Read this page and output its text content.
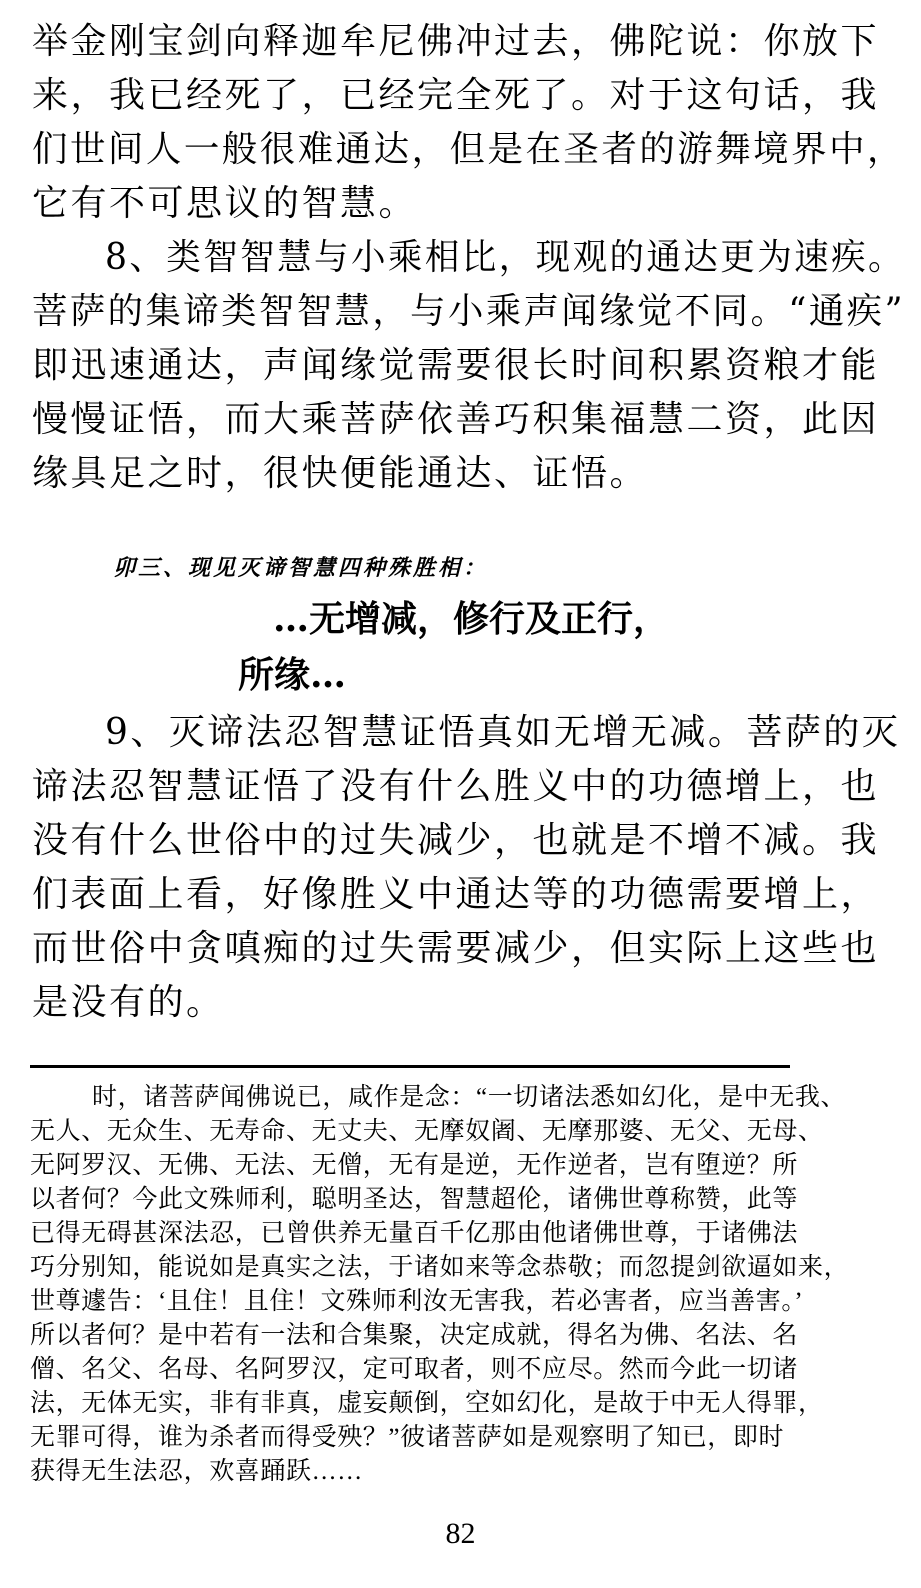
举金刚宝剑向释迦牟尼佛冲过去，佛陀说：你放下
来，我已经死了，已经完全死了。对于这句话，我
们世间人一般很难通达，但是在圣者的游舞境界中，
它有不可思议的智慧。
8、类智智慧与小乘相比，现观的通达更为速疾。
菩萨的集谛类智智慧，与小乘声闻缘觉不同。“通疾”
即迅速通达，声闻缘觉需要很长时间积累资粮才能
慢慢证悟，而大乘菩萨依善巧积集福慧二资，此因
缘具足之时，很快便能通达、证悟。
卯三、现见灭谛智慧四种殊胜相：
…无增减，修行及正行，
所缘…
9、灭谛法忍智慧证悟真如无增无减。菩萨的灭
谛法忍智慧证悟了没有什么胜义中的功德增上，也
没有什么世俗中的过失减少，也就是不增不减。我
们表面上看，好像胜义中通达等的功德需要增上，
而世俗中贪嗔痴的过失需要减少，但实际上这些也
是没有的。
时，诸菩萨闻佛说已，咸作是念：“一切诸法悉如幻化，是中无我、
无人、无众生、无寿命、无丈夫、无摩奴阇、无摩那婆、无父、无母、
无阿罗汉、无佛、无法、无僧，无有是逆，无作逆者，岂有堕逆？所
以者何？今此文殊师利，聪明圣达，智慧超伦，诸佛世尊称赞，此等
已得无碍甚深法忍，已曾供养无量百千亿那由他诸佛世尊，于诸佛法
巧分别知，能说如是真实之法，于诸如来等念恭敬；而忽提剑欲逼如来，
世尊遽告：‘且住！且住！文殊师利汝无害我，若必害者，应当善害。’
所以者何？是中若有一法和合集聚，决定成就，得名为佛、名法、名
僧、名父、名母、名阿罗汉，定可取者，则不应尽。然而今此一切诸
法，无体无实，非有非真，虚妄颠倒，空如幻化，是故于中无人得罪，
无罪可得，谁为杀者而得受殃？”彼诸菩萨如是观察明了知已，即时
获得无生法忍，欢喜踊跃……
82
